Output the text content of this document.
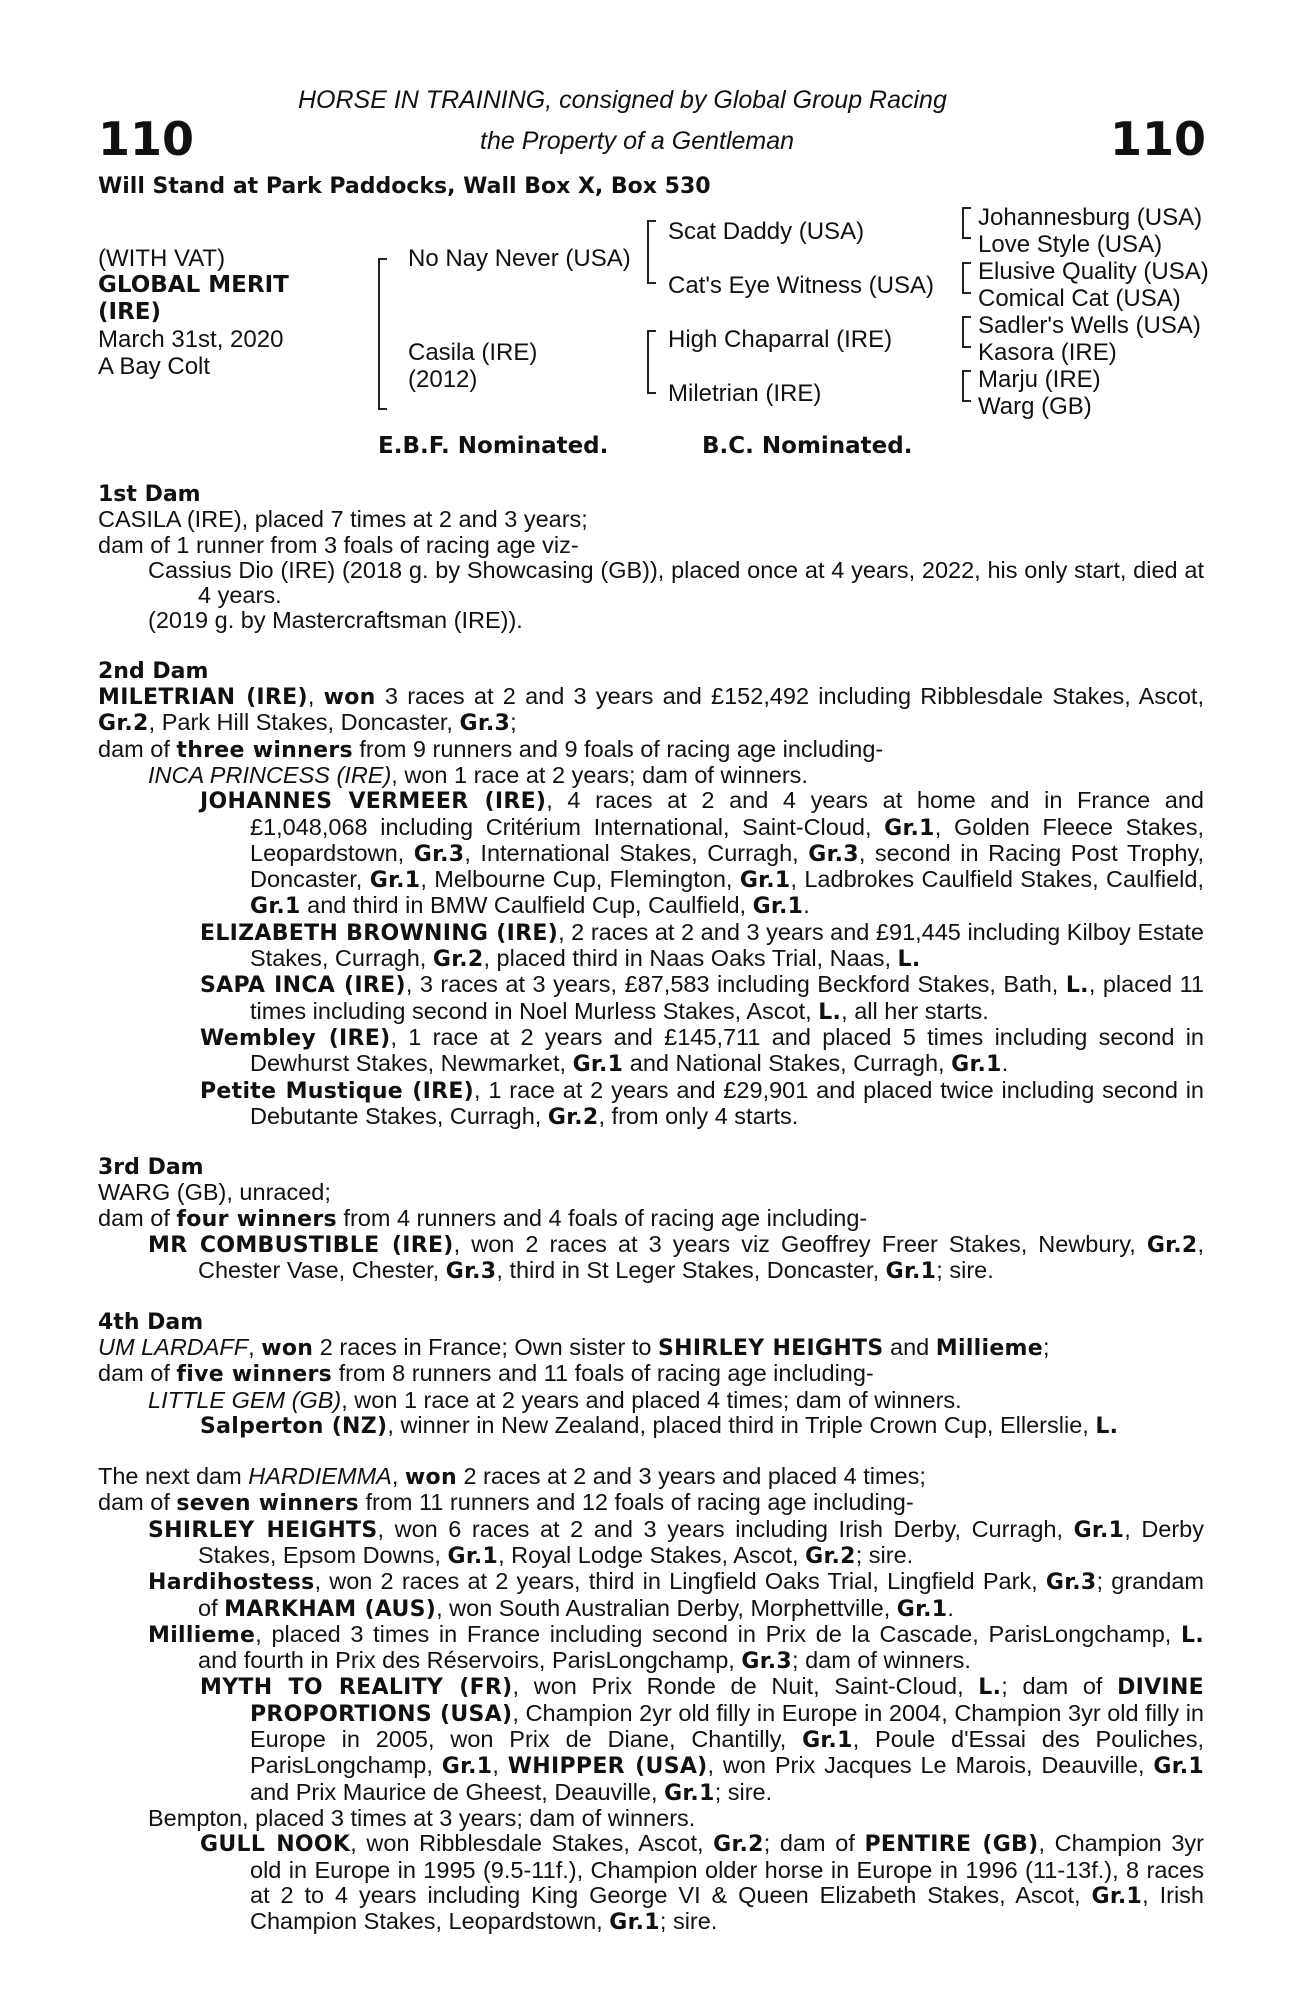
110	110
HORSE IN TRAINING, consigned by Global Group Racing
the Property of a Gentleman
Will Stand at Park Paddocks, Wall Box X, Box 530
(WITH VAT)
GLOBAL MERIT
(IRE)
March 31st, 2020
A Bay Colt
No Nay Never (USA)
Casila (IRE)
(2012)
Scat Daddy (USA)
Cat's Eye Witness (USA)
High Chaparral (IRE)
Miletrian (IRE)
Johannesburg (USA)
Love Style (USA)
Elusive Quality (USA)
Comical Cat (USA)
Sadler's Wells (USA)
Kasora (IRE)
Marju (IRE)
Warg (GB)
E.B.F. Nominated.	B.C. Nominated.
1st Dam

CASILA (IRE), placed 7 times at 2 and 3 years;

dam of 1 runner from 3 foals of racing age viz-

Cassius Dio (IRE) (2018 g. by Showcasing (GB)), placed once at 4 years, 2022, his only start, died at 4 years.

(2019 g. by Mastercraftsman (IRE)).

2nd Dam

MILETRIAN (IRE), won 3 races at 2 and 3 years and £152,492 including Ribblesdale Stakes, Ascot, Gr.2, Park Hill Stakes, Doncaster, Gr.3;

dam of three winners from 9 runners and 9 foals of racing age including-

INCA PRINCESS (IRE), won 1 race at 2 years; dam of winners.

JOHANNES VERMEER (IRE), 4 races at 2 and 4 years at home and in France and £1,048,068 including Critérium International, Saint-Cloud, Gr.1, Golden Fleece Stakes, Leopardstown, Gr.3, International Stakes, Curragh, Gr.3, second in Racing Post Trophy, Doncaster, Gr.1, Melbourne Cup, Flemington, Gr.1, Ladbrokes Caulfield Stakes, Caulfield, Gr.1 and third in BMW Caulfield Cup, Caulfield, Gr.1.

ELIZABETH BROWNING (IRE), 2 races at 2 and 3 years and £91,445 including Kilboy Estate Stakes, Curragh, Gr.2, placed third in Naas Oaks Trial, Naas, L.

SAPA INCA (IRE), 3 races at 3 years, £87,583 including Beckford Stakes, Bath, L., placed 11 times including second in Noel Murless Stakes, Ascot, L., all her starts.

Wembley (IRE), 1 race at 2 years and £145,711 and placed 5 times including second in Dewhurst Stakes, Newmarket, Gr.1 and National Stakes, Curragh, Gr.1.

Petite Mustique (IRE), 1 race at 2 years and £29,901 and placed twice including second in Debutante Stakes, Curragh, Gr.2, from only 4 starts.

3rd Dam

WARG (GB), unraced;

dam of four winners from 4 runners and 4 foals of racing age including-

MR COMBUSTIBLE (IRE), won 2 races at 3 years viz Geoffrey Freer Stakes, Newbury, Gr.2, Chester Vase, Chester, Gr.3, third in St Leger Stakes, Doncaster, Gr.1; sire.

4th Dam

UM LARDAFF, won 2 races in France; Own sister to SHIRLEY HEIGHTS and Millieme;

dam of five winners from 8 runners and 11 foals of racing age including-

LITTLE GEM (GB), won 1 race at 2 years and placed 4 times; dam of winners.

Salperton (NZ), winner in New Zealand, placed third in Triple Crown Cup, Ellerslie, L.

The next dam HARDIEMMA, won 2 races at 2 and 3 years and placed 4 times;

dam of seven winners from 11 runners and 12 foals of racing age including-

SHIRLEY HEIGHTS, won 6 races at 2 and 3 years including Irish Derby, Curragh, Gr.1, Derby Stakes, Epsom Downs, Gr.1, Royal Lodge Stakes, Ascot, Gr.2; sire.

Hardihostess, won 2 races at 2 years, third in Lingfield Oaks Trial, Lingfield Park, Gr.3; grandam of MARKHAM (AUS), won South Australian Derby, Morphettville, Gr.1.

Millieme, placed 3 times in France including second in Prix de la Cascade, ParisLongchamp, L. and fourth in Prix des Réservoirs, ParisLongchamp, Gr.3; dam of winners.

MYTH TO REALITY (FR), won Prix Ronde de Nuit, Saint-Cloud, L.; dam of DIVINE PROPORTIONS (USA), Champion 2yr old filly in Europe in 2004, Champion 3yr old filly in Europe in 2005, won Prix de Diane, Chantilly, Gr.1, Poule d'Essai des Pouliches, ParisLongchamp, Gr.1, WHIPPER (USA), won Prix Jacques Le Marois, Deauville, Gr.1 and Prix Maurice de Gheest, Deauville, Gr.1; sire.

Bempton, placed 3 times at 3 years; dam of winners.

GULL NOOK, won Ribblesdale Stakes, Ascot, Gr.2; dam of PENTIRE (GB), Champion 3yr old in Europe in 1995 (9.5-11f.), Champion older horse in Europe in 1996 (11-13f.), 8 races at 2 to 4 years including King George VI & Queen Elizabeth Stakes, Ascot, Gr.1, Irish Champion Stakes, Leopardstown, Gr.1; sire.
